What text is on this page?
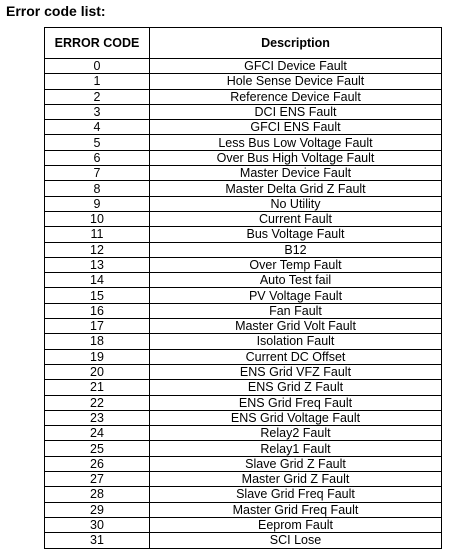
Error code list:

ERROR CODE	Description
0	GFCI Device Fault
1	Hole Sense Device Fault
2	Reference Device Fault
3	DCI ENS Fault
4	GFCI ENS Fault
5	Less Bus Low Voltage Fault
6	Over Bus High Voltage Fault
7	Master Device Fault
8	Master Delta Grid Z Fault
9	No Utility
10	Current Fault
11	Bus Voltage Fault
12	B12
13	Over Temp Fault
14	Auto Test fail
15	PV Voltage Fault
16	Fan Fault
17	Master Grid Volt Fault
18	Isolation Fault
19	Current DC Offset
20	ENS Grid VFZ Fault
21	ENS Grid Z Fault
22	ENS Grid Freq Fault
23	ENS Grid Voltage Fault
24	Relay2 Fault
25	Relay1 Fault
26	Slave Grid Z Fault
27	Master Grid Z Fault
28	Slave Grid Freq Fault
29	Master Grid Freq Fault
30	Eeprom Fault
31	SCI Lose
